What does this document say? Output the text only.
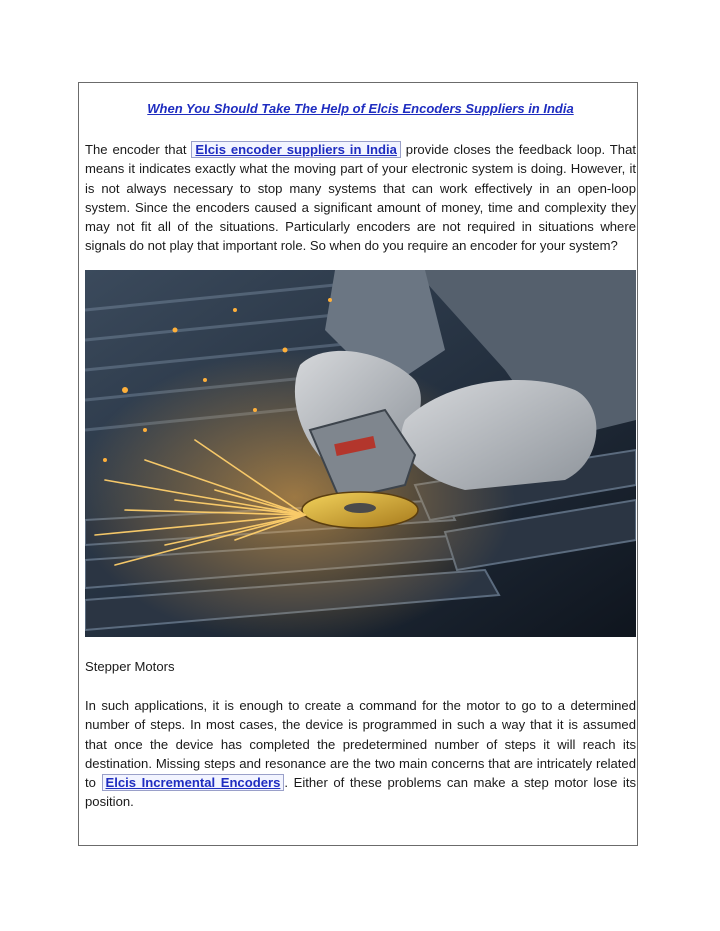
When You Should Take The Help of Elcis Encoders Suppliers in India

The encoder that Elcis encoder suppliers in India provide closes the feedback loop. That means it indicates exactly what the moving part of your electronic system is doing. However, it is not always necessary to stop many systems that can work effectively in an open-loop system. Since the encoders caused a significant amount of money, time and complexity they may not fit all of the situations. Particularly encoders are not required in situations where signals do not play that important role. So when do you require an encoder for your system?

Stepper Motors

In such applications, it is enough to create a command for the motor to go to a determined number of steps. In most cases, the device is programmed in such a way that it is assumed that once the device has completed the predetermined number of steps it will reach its destination. Missing steps and resonance are the two main concerns that are intricately related to Elcis Incremental Encoders . Either of these problems can make a step motor lose its position.
